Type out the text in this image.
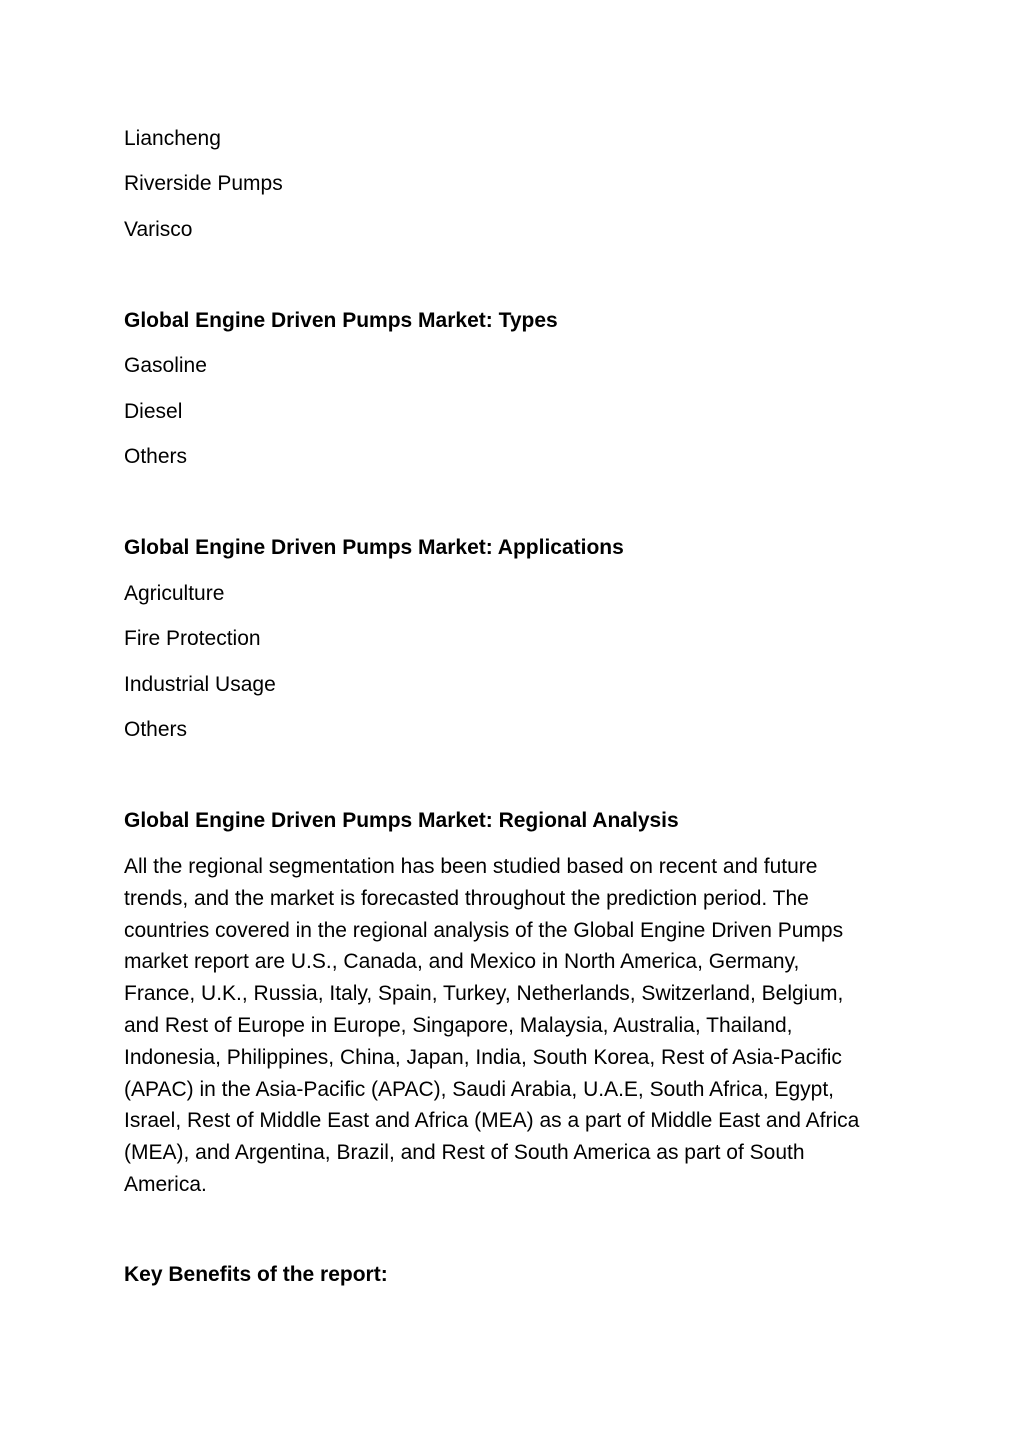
Liancheng
Riverside Pumps
Varisco
Global Engine Driven Pumps Market: Types
Gasoline
Diesel
Others
Global Engine Driven Pumps Market: Applications
Agriculture
Fire Protection
Industrial Usage
Others
Global Engine Driven Pumps Market: Regional Analysis
All the regional segmentation has been studied based on recent and future
trends, and the market is forecasted throughout the prediction period. The
countries covered in the regional analysis of the Global Engine Driven Pumps
market report are U.S., Canada, and Mexico in North America, Germany,
France, U.K., Russia, Italy, Spain, Turkey, Netherlands, Switzerland, Belgium,
and Rest of Europe in Europe, Singapore, Malaysia, Australia, Thailand,
Indonesia, Philippines, China, Japan, India, South Korea, Rest of Asia-Pacific
(APAC) in the Asia-Pacific (APAC), Saudi Arabia, U.A.E, South Africa, Egypt,
Israel, Rest of Middle East and Africa (MEA) as a part of Middle East and Africa
(MEA), and Argentina, Brazil, and Rest of South America as part of South
America.
Key Benefits of the report:
